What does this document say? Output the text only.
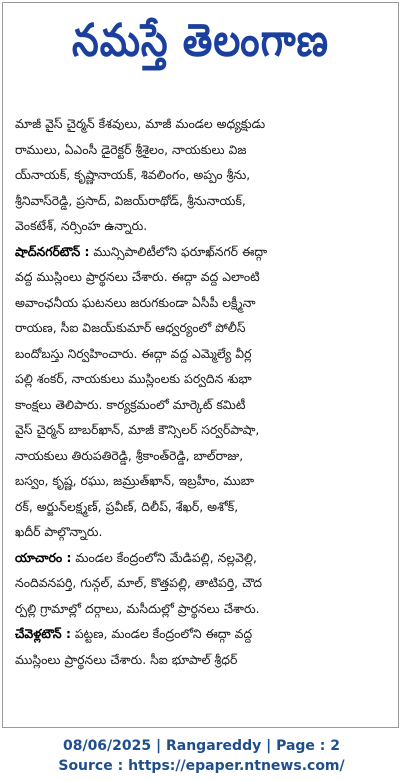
నమస్తే తెలంగాణ
మాజీ వైస్ చైర్మన్ కేశవులు, మాజీ మండల అధ్యక్షుడు
రాములు, ఏఎంసీ డైరెక్టర్ శ్రీశైలం, నాయకులు విజ
య్‌నాయక్, కృష్ణానాయక్, శివలింగం, అప్పం శ్రీను,
శ్రీనివాస్‌రెడ్డి, ప్రసాద్, విజయ్‌రాథోడ్, శ్రీనునాయక్,
వెంకటేశ్, నర్సింహ ఉన్నారు.
షాద్‌నగర్‌టౌన్ : మున్సిపాలిటీలోని ఫరూఖ్‌నగర్ ఈద్గా
వద్ద ముస్లింలు ప్రార్థనలు చేశారు. ఈద్గా వద్ద ఎలాంటి
అవాంఛనీయ ఘటనలు జరుగకుండా ఏసీపీ లక్ష్మీనా
రాయణ, సీఐ విజయ్‌కుమార్ ఆధ్వర్యంలో పోలీస్
బందోబస్తు నిర్వహించారు. ఈద్గా వద్ద ఎమ్మెల్యే వీర్ల
పల్లి శంకర్, నాయకులు ముస్లింలకు పర్వదిన శుభా
కాంక్షలు తెలిపారు. కార్యక్రమంలో మార్కెట్ కమిటీ
వైస్ చైర్మన్ బాబర్‌ఖాన్, మాజీ కౌన్సిలర్ సర్వర్‌పాషా,
నాయకులు తిరుపతిరెడ్డి, శ్రీకాంత్‌రెడ్డి, బాల్‌రాజు,
బస్వం, కృష్ణ, రఘు, జమ్రుత్‌ఖాన్, ఇబ్రహీం, ముబా
రక్, అర్జున్‌లక్ష్మణ్, ప్రవీణ్, దిలీప్, శేఖర్, అశోక్,
ఖదీర్ పాల్గొన్నారు.
యాచారం : మండల కేంద్రంలోని మేడిపల్లి, నల్లవెల్లి,
నందివనపర్తి, గున్గల్, మాల్, కొత్తపల్లి, తాటిపర్తి, చౌద
ర్పల్లి గ్రామాల్లో దర్గాలు, మసీదుల్లో ప్రార్థనలు చేశారు.
చేవెళ్లటౌన్ : పట్టణ, మండల కేంద్రంలోని ఈద్గా వద్ద
ముస్లింలు ప్రార్థనలు చేశారు. సీఐ భూపాల్ శ్రీధర్
08/06/2025 | Rangareddy | Page : 2
Source : https://epaper.ntnews.com/
